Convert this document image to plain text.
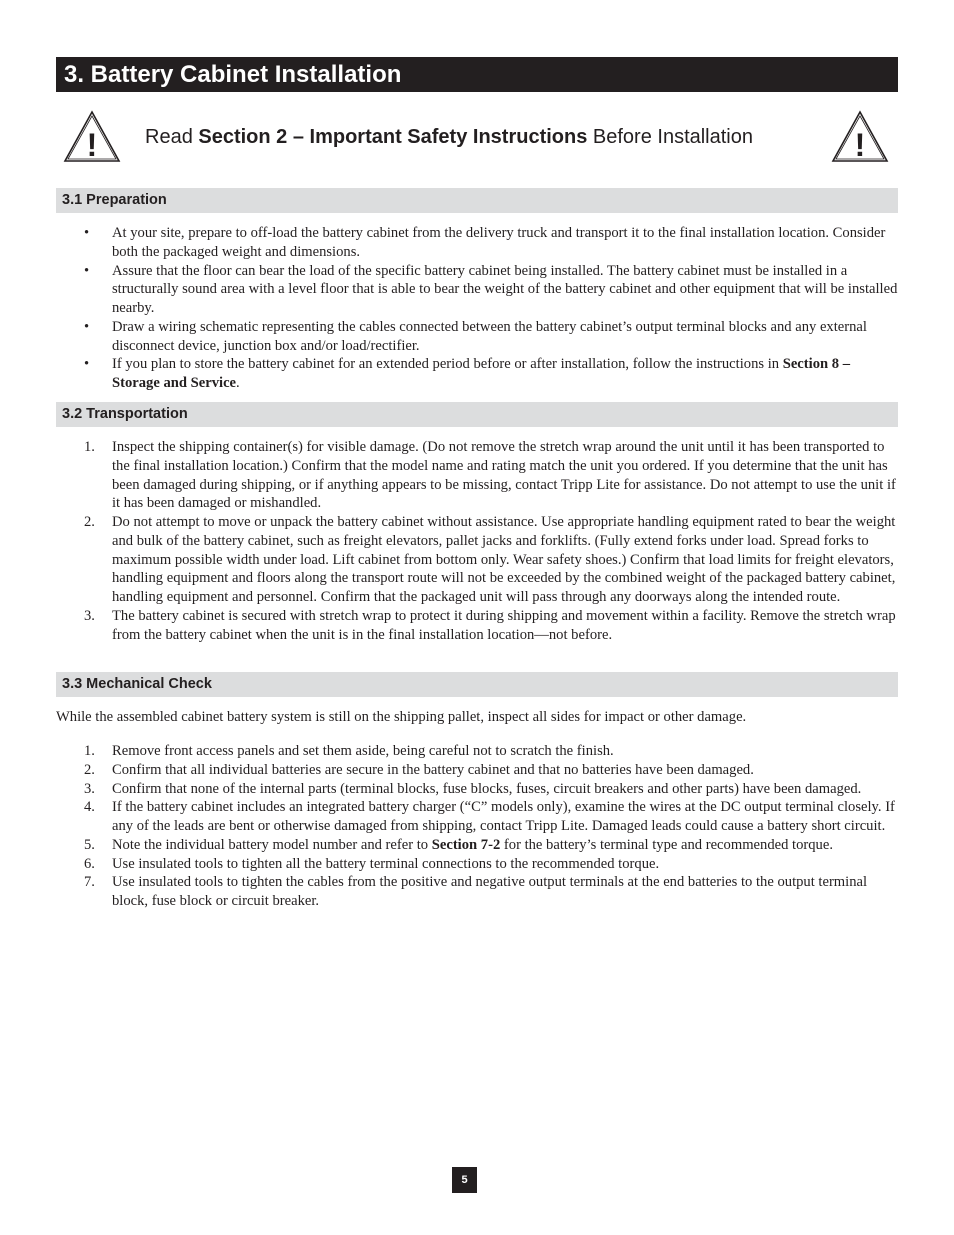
3. Battery Cabinet Installation
! Read Section 2 – Important Safety Instructions Before Installation	!
3.1 Preparation
• At your site, prepare to off-load the battery cabinet from the delivery truck and transport it to the final installation location. Consider both the packaged weight and dimensions.
• Assure that the floor can bear the load of the specific battery cabinet being installed. The battery cabinet must be installed in a structurally sound area with a level floor that is able to bear the weight of the battery cabinet and other equipment that will be installed nearby.
• Draw a wiring schematic representing the cables connected between the battery cabinet’s output terminal blocks and any external disconnect device, junction box and/or load/rectifier.
• If you plan to store the battery cabinet for an extended period before or after installation, follow the instructions in Section 8 – Storage and Service.
3.2 Transportation
1. Inspect the shipping container(s) for visible damage. (Do not remove the stretch wrap around the unit until it has been transported to the final installation location.) Confirm that the model name and rating match the unit you ordered. If you determine that the unit has been damaged during shipping, or if anything appears to be missing, contact Tripp Lite for assistance. Do not attempt to use the unit if it has been damaged or mishandled.
2. Do not attempt to move or unpack the battery cabinet without assistance. Use appropriate handling equipment rated to bear the weight and bulk of the battery cabinet, such as freight elevators, pallet jacks and forklifts. (Fully extend forks under load. Spread forks to maximum possible width under load. Lift cabinet from bottom only. Wear safety shoes.) Confirm that load limits for freight elevators, handling equipment and floors along the transport route will not be exceeded by the combined weight of the packaged battery cabinet, handling equipment and personnel. Confirm that the packaged unit will pass through any doorways along the intended route.
3. The battery cabinet is secured with stretch wrap to protect it during shipping and movement within a facility. Remove the stretch wrap from the battery cabinet when the unit is in the final installation location—not before.
3.3 Mechanical Check
While the assembled cabinet battery system is still on the shipping pallet, inspect all sides for impact or other damage.
1. Remove front access panels and set them aside, being careful not to scratch the finish.
2. Confirm that all individual batteries are secure in the battery cabinet and that no batteries have been damaged.
3. Confirm that none of the internal parts (terminal blocks, fuse blocks, fuses, circuit breakers and other parts) have been damaged.
4. If the battery cabinet includes an integrated battery charger (“C” models only), examine the wires at the DC output terminal closely. If any of the leads are bent or otherwise damaged from shipping, contact Tripp Lite. Damaged leads could cause a battery short circuit.
5. Note the individual battery model number and refer to Section 7-2 for the battery’s terminal type and recommended torque.
6. Use insulated tools to tighten all the battery terminal connections to the recommended torque.
7. Use insulated tools to tighten the cables from the positive and negative output terminals at the end batteries to the output terminal block, fuse block or circuit breaker.
5
